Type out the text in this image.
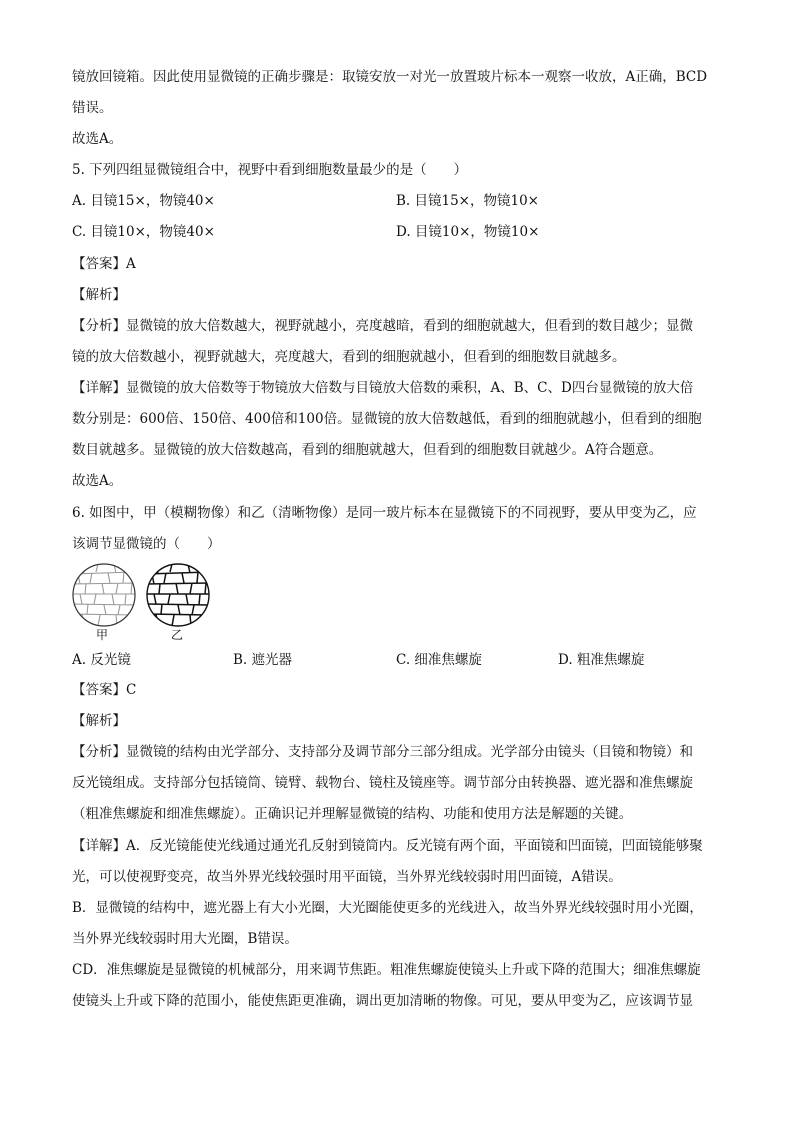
镜放回镜箱。因此使用显微镜的正确步骤是：取镜安放一对光一放置玻片标本一观察一收放，A正确，BCD
错误。
故选A。
5. 下列四组显微镜组合中，视野中看到细胞数量最少的是（　　）
A. 目镜15×，物镜40×	B. 目镜15×，物镜10×
C. 目镜10×，物镜40×	D. 目镜10×，物镜10×
【答案】A
【解析】
【分析】显微镜的放大倍数越大，视野就越小，亮度越暗，看到的细胞就越大，但看到的数目越少；显微
镜的放大倍数越小，视野就越大，亮度越大，看到的细胞就越小，但看到的细胞数目就越多。
【详解】显微镜的放大倍数等于物镜放大倍数与目镜放大倍数的乘积，A、B、C、D四台显微镜的放大倍
数分别是：600倍、150倍、400倍和100倍。显微镜的放大倍数越低，看到的细胞就越小，但看到的细胞
数目就越多。显微镜的放大倍数越高，看到的细胞就越大，但看到的细胞数目就越少。A符合题意。
故选A。
6. 如图中，甲（模糊物像）和乙（清晰物像）是同一玻片标本在显微镜下的不同视野，要从甲变为乙，应
该调节显微镜的（　　）
甲	乙
A. 反光镜	B. 遮光器	C. 细准焦螺旋	D. 粗准焦螺旋
【答案】C
【解析】
【分析】显微镜的结构由光学部分、支持部分及调节部分三部分组成。光学部分由镜头（目镜和物镜）和
反光镜组成。支持部分包括镜筒、镜臂、载物台、镜柱及镜座等。调节部分由转换器、遮光器和准焦螺旋
（粗准焦螺旋和细准焦螺旋）。正确识记并理解显微镜的结构、功能和使用方法是解题的关键。
【详解】A．反光镜能使光线通过通光孔反射到镜筒内。反光镜有两个面，平面镜和凹面镜，凹面镜能够聚
光，可以使视野变亮，故当外界光线较强时用平面镜，当外界光线较弱时用凹面镜，A错误。
B．显微镜的结构中，遮光器上有大小光圈，大光圈能使更多的光线进入，故当外界光线较强时用小光圈，
当外界光线较弱时用大光圈，B错误。
CD．准焦螺旋是显微镜的机械部分，用来调节焦距。粗准焦螺旋使镜头上升或下降的范围大；细准焦螺旋
使镜头上升或下降的范围小，能使焦距更准确，调出更加清晰的物像。可见，要从甲变为乙，应该调节显
